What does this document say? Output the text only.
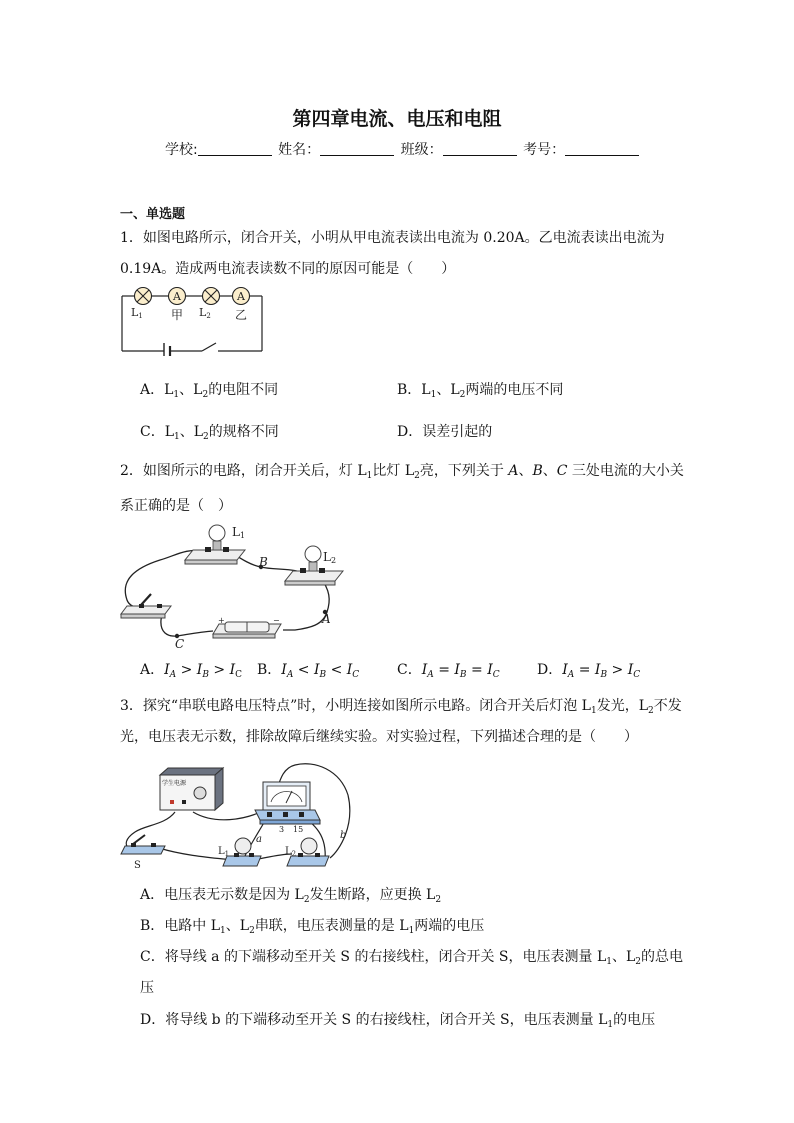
第四章电流、电压和电阻
学校:	姓名：	班级：	考号：
一、单选题
1．如图电路所示，闭合开关，小明从甲电流表读出电流为 0.20A。乙电流表读出电流为
0.19A。造成两电流表读数不同的原因可能是（　　）
A	A
L1 甲 L2 乙
A．$L_1$、$L_2$的电阻不同	B．$L_1$、$L_2$两端的电压不同
C．$L_1$、$L_2$的规格不同	D．误差引起的
2．如图所示的电路，闭合开关后，灯 $L_1$比灯 $L_2$亮，下列关于 A、B、C 三处电流的大小关
系正确的是（　）
+	−
L1
L2
B
A
C
A．$I_A > I_B > I_C$ B．$I_A < I_B < I_C$	C．$I_A = I_B = I_C$	D．$I_A = I_B > I_C$
3．探究“串联电路电压特点”时，小明连接如图所示电路。闭合开关后灯泡 $L_1$发光，$L_2$不发
光，电压表无示数，排除故障后继续实验。对实验过程，下列描述合理的是（　　）
学生电源
3 15
S
a	b
$L_1$	$L_2$
A．电压表无示数是因为 $L_2$发生断路，应更换 $L_2$
B．电路中 $L_1$、$L_2$串联，电压表测量的是 $L_1$两端的电压
C．将导线 a 的下端移动至开关 S 的右接线柱，闭合开关 S，电压表测量 $L_1$、$L_2$的总电
压
D．将导线 b 的下端移动至开关 S 的右接线柱，闭合开关 S，电压表测量 $L_1$的电压
